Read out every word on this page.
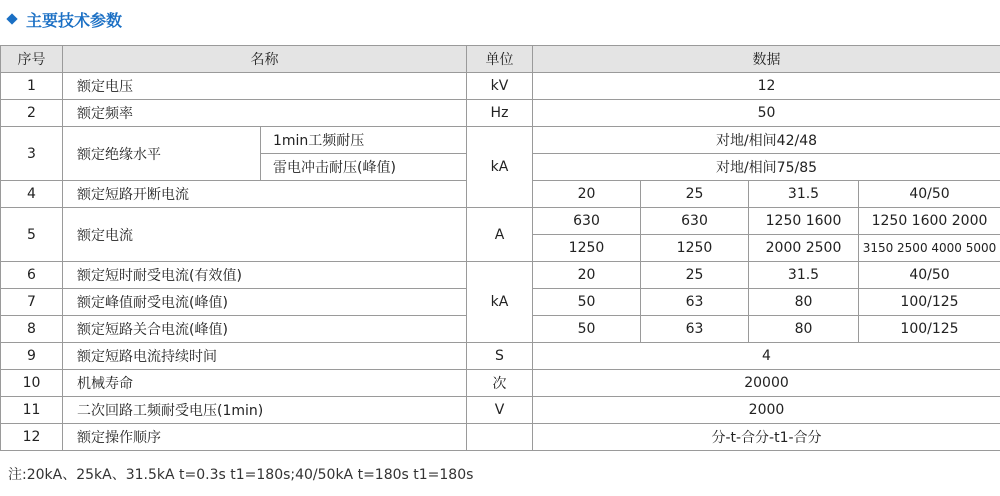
主要技术参数
序号	名称		单位	数据			
1	额定电压		kV	12			
2	额定频率		Hz	50			
3	额定绝缘水平	1min工频耐压	kA	对地/相间42/48			
		雷电冲击耐压(峰值)		对地/相间75/85			
4	额定短路开断电流			20	25	31.5	40/50
5	额定电流		A	630	630	1250 1600	1250 1600 2000
				1250	1250	2000 2500	3150 2500 4000 5000
6	额定短时耐受电流(有效值)		kA	20	25	31.5	40/50
7	额定峰值耐受电流(峰值)			50	63	80	100/125
8	额定短路关合电流(峰值)			50	63	80	100/125
9	额定短路电流持续时间		S	4			
10	机械寿命		次	20000			
11	二次回路工频耐受电压(1min)		V	2000			
12	额定操作顺序			分-t-合分-t1-合分			
注:20kA、25kA、31.5kA t=0.3s t1=180s;40/50kA t=180s t1=180s
